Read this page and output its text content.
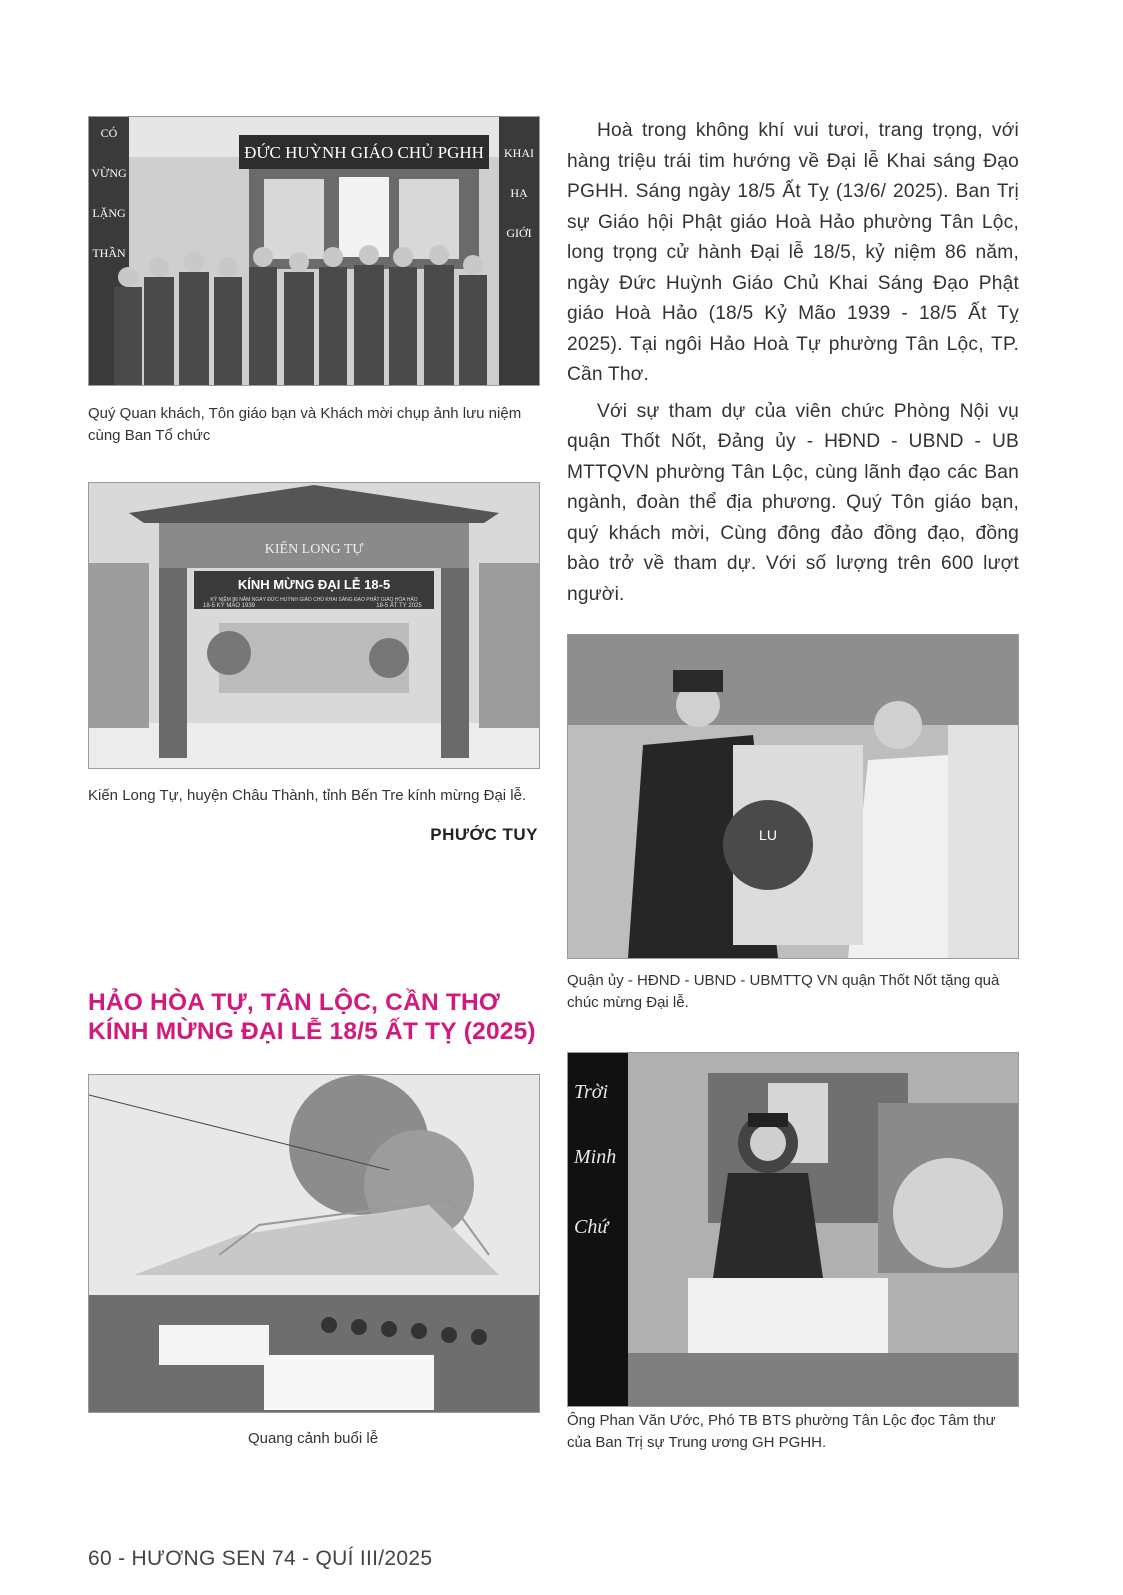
ĐỨC HUỲNH GIÁO CHỦ PGHH
CÓ
VỪNG
LẶNG
THẦN
KHAI
HẠ
GIỚI
Quý Quan khách, Tôn giáo bạn và Khách mời chụp ảnh lưu niệm cùng Ban Tổ chức
KIẾN LONG TỰ
KÍNH MỪNG ĐẠI LỄ 18-5
KỶ NIỆM 86 NĂM NGÀY ĐỨC HUỲNH GIÁO CHỦ KHAI SÁNG ĐẠO PHẬT GIÁO HÒA HẢO
18-5 KỶ MÃO 1939	18-5 ẤT TỴ 2025
Kiến Long Tự, huyện Châu Thành, tỉnh Bến Tre kính mừng Đại lễ.
PHƯỚC TUY

Hoà trong không khí vui tươi, trang trọng, với hàng triệu trái tim hướng về Đại lễ Khai sáng Đạo PGHH. Sáng ngày 18/5 Ất Tỵ (13/6/ 2025). Ban Trị sự Giáo hội Phật giáo Hoà Hảo phường Tân Lộc, long trọng cử hành Đại lễ 18/5, kỷ niệm 86 năm, ngày Đức Huỳnh Giáo Chủ Khai Sáng Đạo Phật giáo Hoà Hảo (18/5 Kỷ Mão 1939 - 18/5 Ất Tỵ 2025). Tại ngôi Hảo Hoà Tự phường Tân Lộc, TP. Cần Thơ.

Với sự tham dự của viên chức Phòng Nội vụ quận Thốt Nốt, Đảng ủy - HĐND - UBND - UB MTTQVN phường Tân Lộc, cùng lãnh đạo các Ban ngành, đoàn thể địa phương. Quý Tôn giáo bạn, quý khách mời, Cùng đông đảo đồng đạo, đồng bào trở về tham dự. Với số lượng trên 600 lượt người.

LU
Quận ủy - HĐND - UBND - UBMTTQ VN quận Thốt Nốt tặng quà chúc mừng Đại lễ.
HẢO HÒA TỰ, TÂN LỘC, CẦN THƠ KÍNH MỪNG ĐẠI LỄ 18/5 ẤT TỴ (2025)
Quang cảnh buổi lễ
Trời
Minh
Chứ
Ông Phan Văn Ước, Phó TB BTS phường Tân Lộc đọc Tâm thư của Ban Trị sự Trung ương GH PGHH.
60 - HƯƠNG SEN 74 - QUÍ III/2025
